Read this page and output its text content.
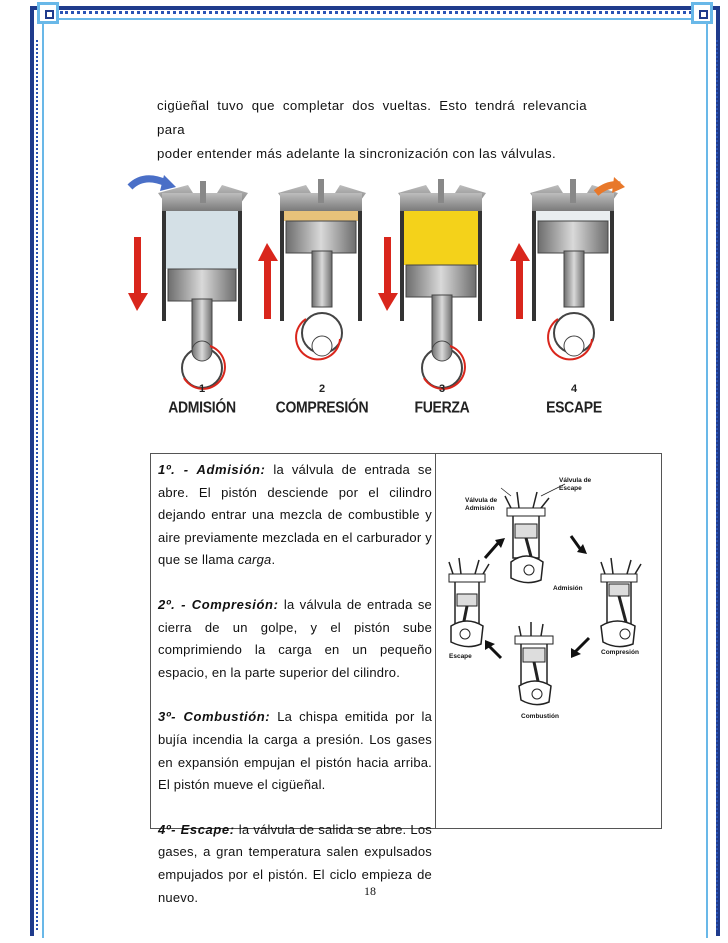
cigüeñal tuvo que completar dos vueltas. Esto tendrá relevancia para

poder entender más adelante la sincronización con las válvulas.

1
ADMISIÓN
2
COMPRESIÓN
3
FUERZA
4
ESCAPE

1º. - Admisión: la válvula de entrada se abre. El pistón desciende por el cilindro dejando entrar una mezcla de combustible y aire previamente mezclada en el carburador y que se llama carga.

2º. - Compresión: la válvula de entrada se cierra de un golpe, y el pistón sube comprimiendo la carga en un pequeño espacio, en la parte superior del cilindro.

3º- Combustión: La chispa emitida por la bujía incendia la carga a presión. Los gases en expansión empujan el pistón hacia arriba. El pistón mueve el cigüeñal.

4º- Escape: la válvula de salida se abre. Los gases, a gran temperatura salen expulsados empujados por el pistón. El ciclo empieza de nuevo.

Válvula de
Escape
Válvula de
Admisión
Admisión
Escape
Compresión
Combustión
18
